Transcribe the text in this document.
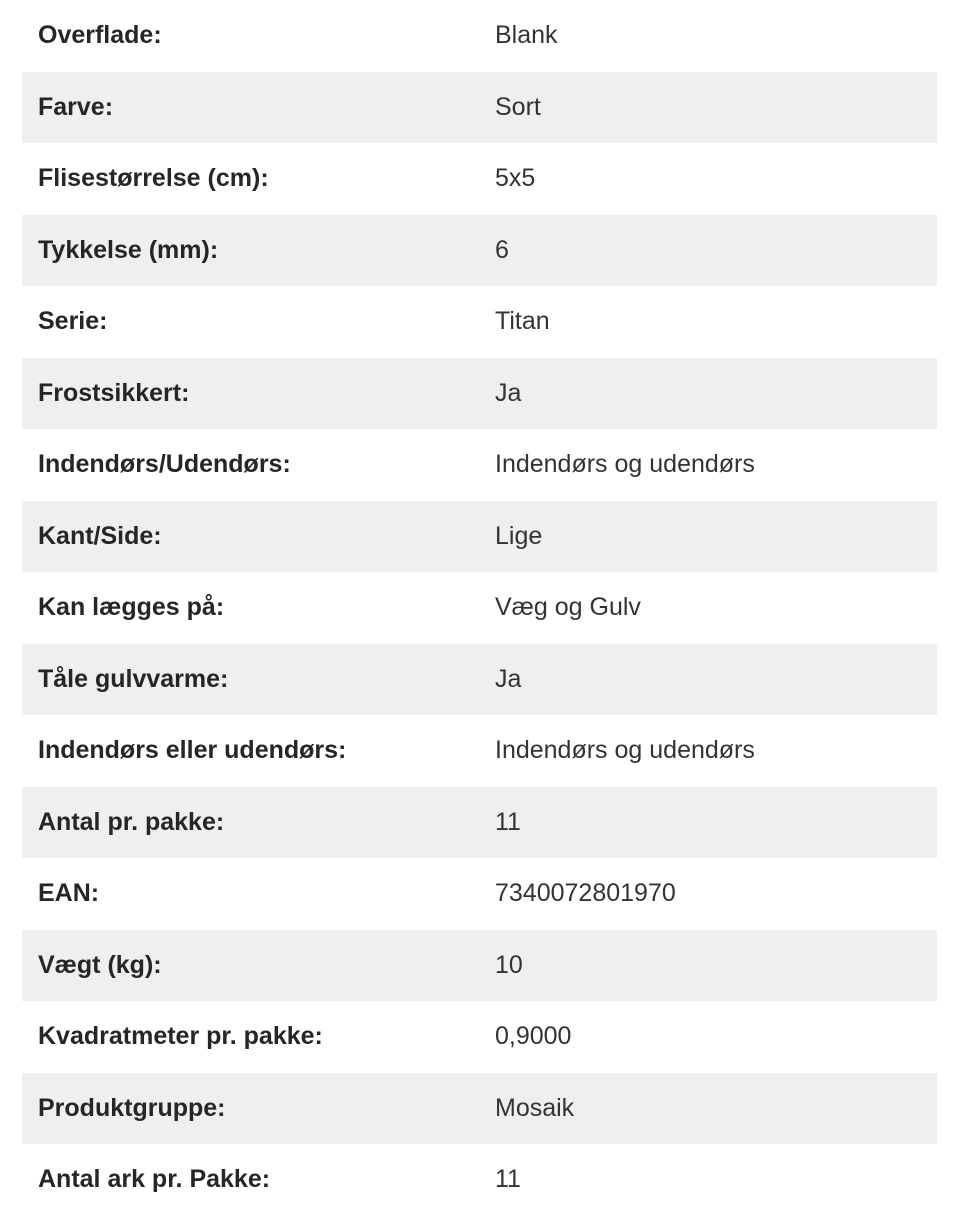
Overflade:	Blank
Farve:	Sort
Flisestørrelse (cm):	5x5
Tykkelse (mm):	6
Serie:	Titan
Frostsikkert:	Ja
Indendørs/Udendørs:	Indendørs og udendørs
Kant/Side:	Lige
Kan lægges på:	Væg og Gulv
Tåle gulvvarme:	Ja
Indendørs eller udendørs:	Indendørs og udendørs
Antal pr. pakke:	11
EAN:	7340072801970
Vægt (kg):	10
Kvadratmeter pr. pakke:	0,9000
Produktgruppe:	Mosaik
Antal ark pr. Pakke:	11
